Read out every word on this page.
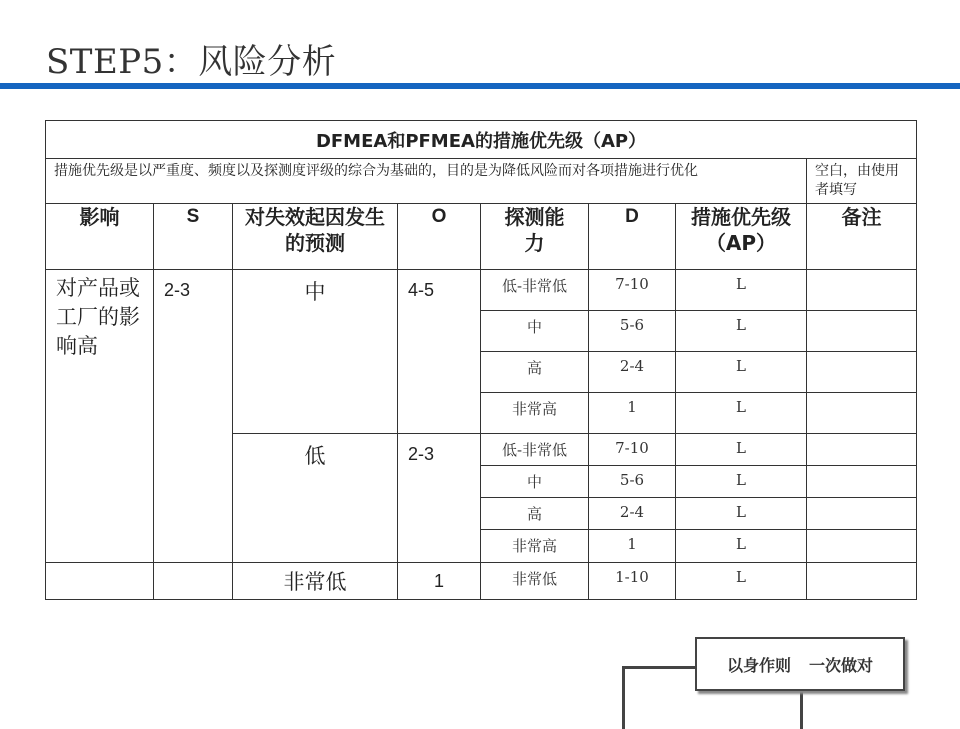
STEP5：风险分析
DFMEA和PFMEA的措施优先级（AP）							
措施优先级是以严重度、频度以及探测度评级的综合为基础的，目的是为降低风险而对各项措施进行优化							空白，由使用者填写
影响	S	对失效起因发生的预测	O	探测能力	D	措施优先级（AP）	备注
对产品或工厂的影响高	2-3	中	4-5	低-非常低	7-10	L	
				中	5-6	L	
				高	2-4	L	
				非常高	1	L	
		低	2-3	低-非常低	7-10	L	
				中	5-6	L	
				高	2-4	L	
				非常高	1	L	
		非常低	1	非常低	1-10	L	
以身作则 一次做对
